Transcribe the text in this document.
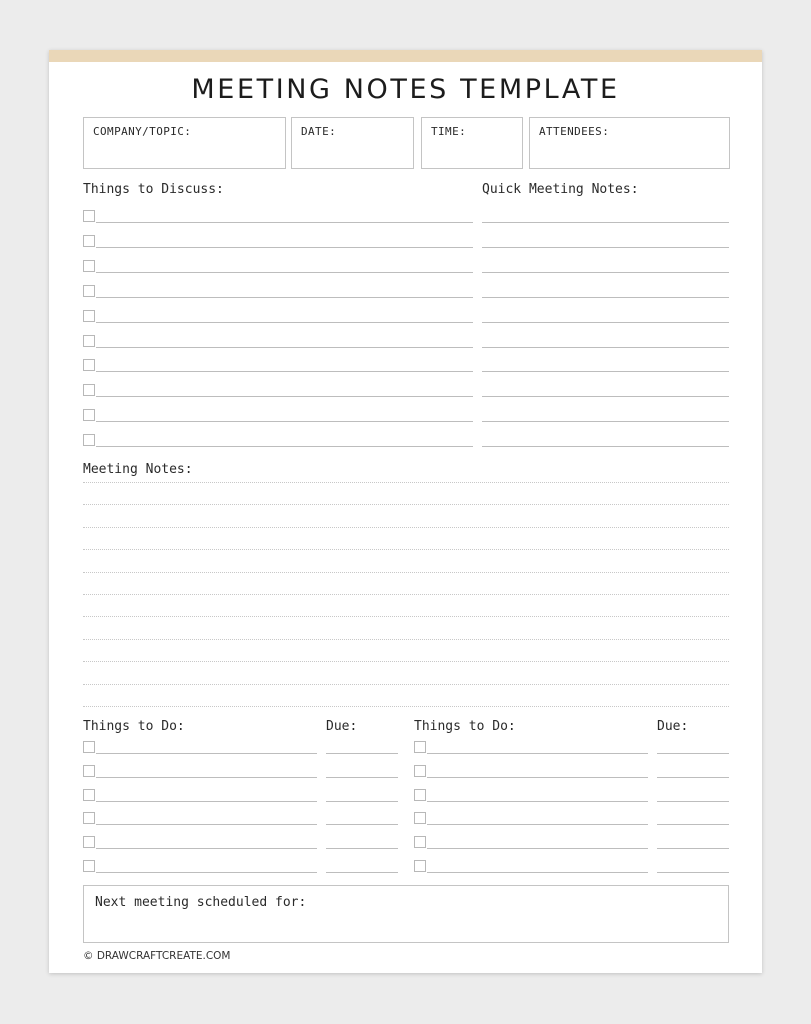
MEETING NOTES TEMPLATE
COMPANY/TOPIC:	DATE:	TIME:	ATTENDEES:
Things to Discuss:	Quick Meeting Notes:
Meeting Notes:
Things to Do:	Due:	Things to Do:	Due:
Next meeting scheduled for:
© DRAWCRAFTCREATE.COM
